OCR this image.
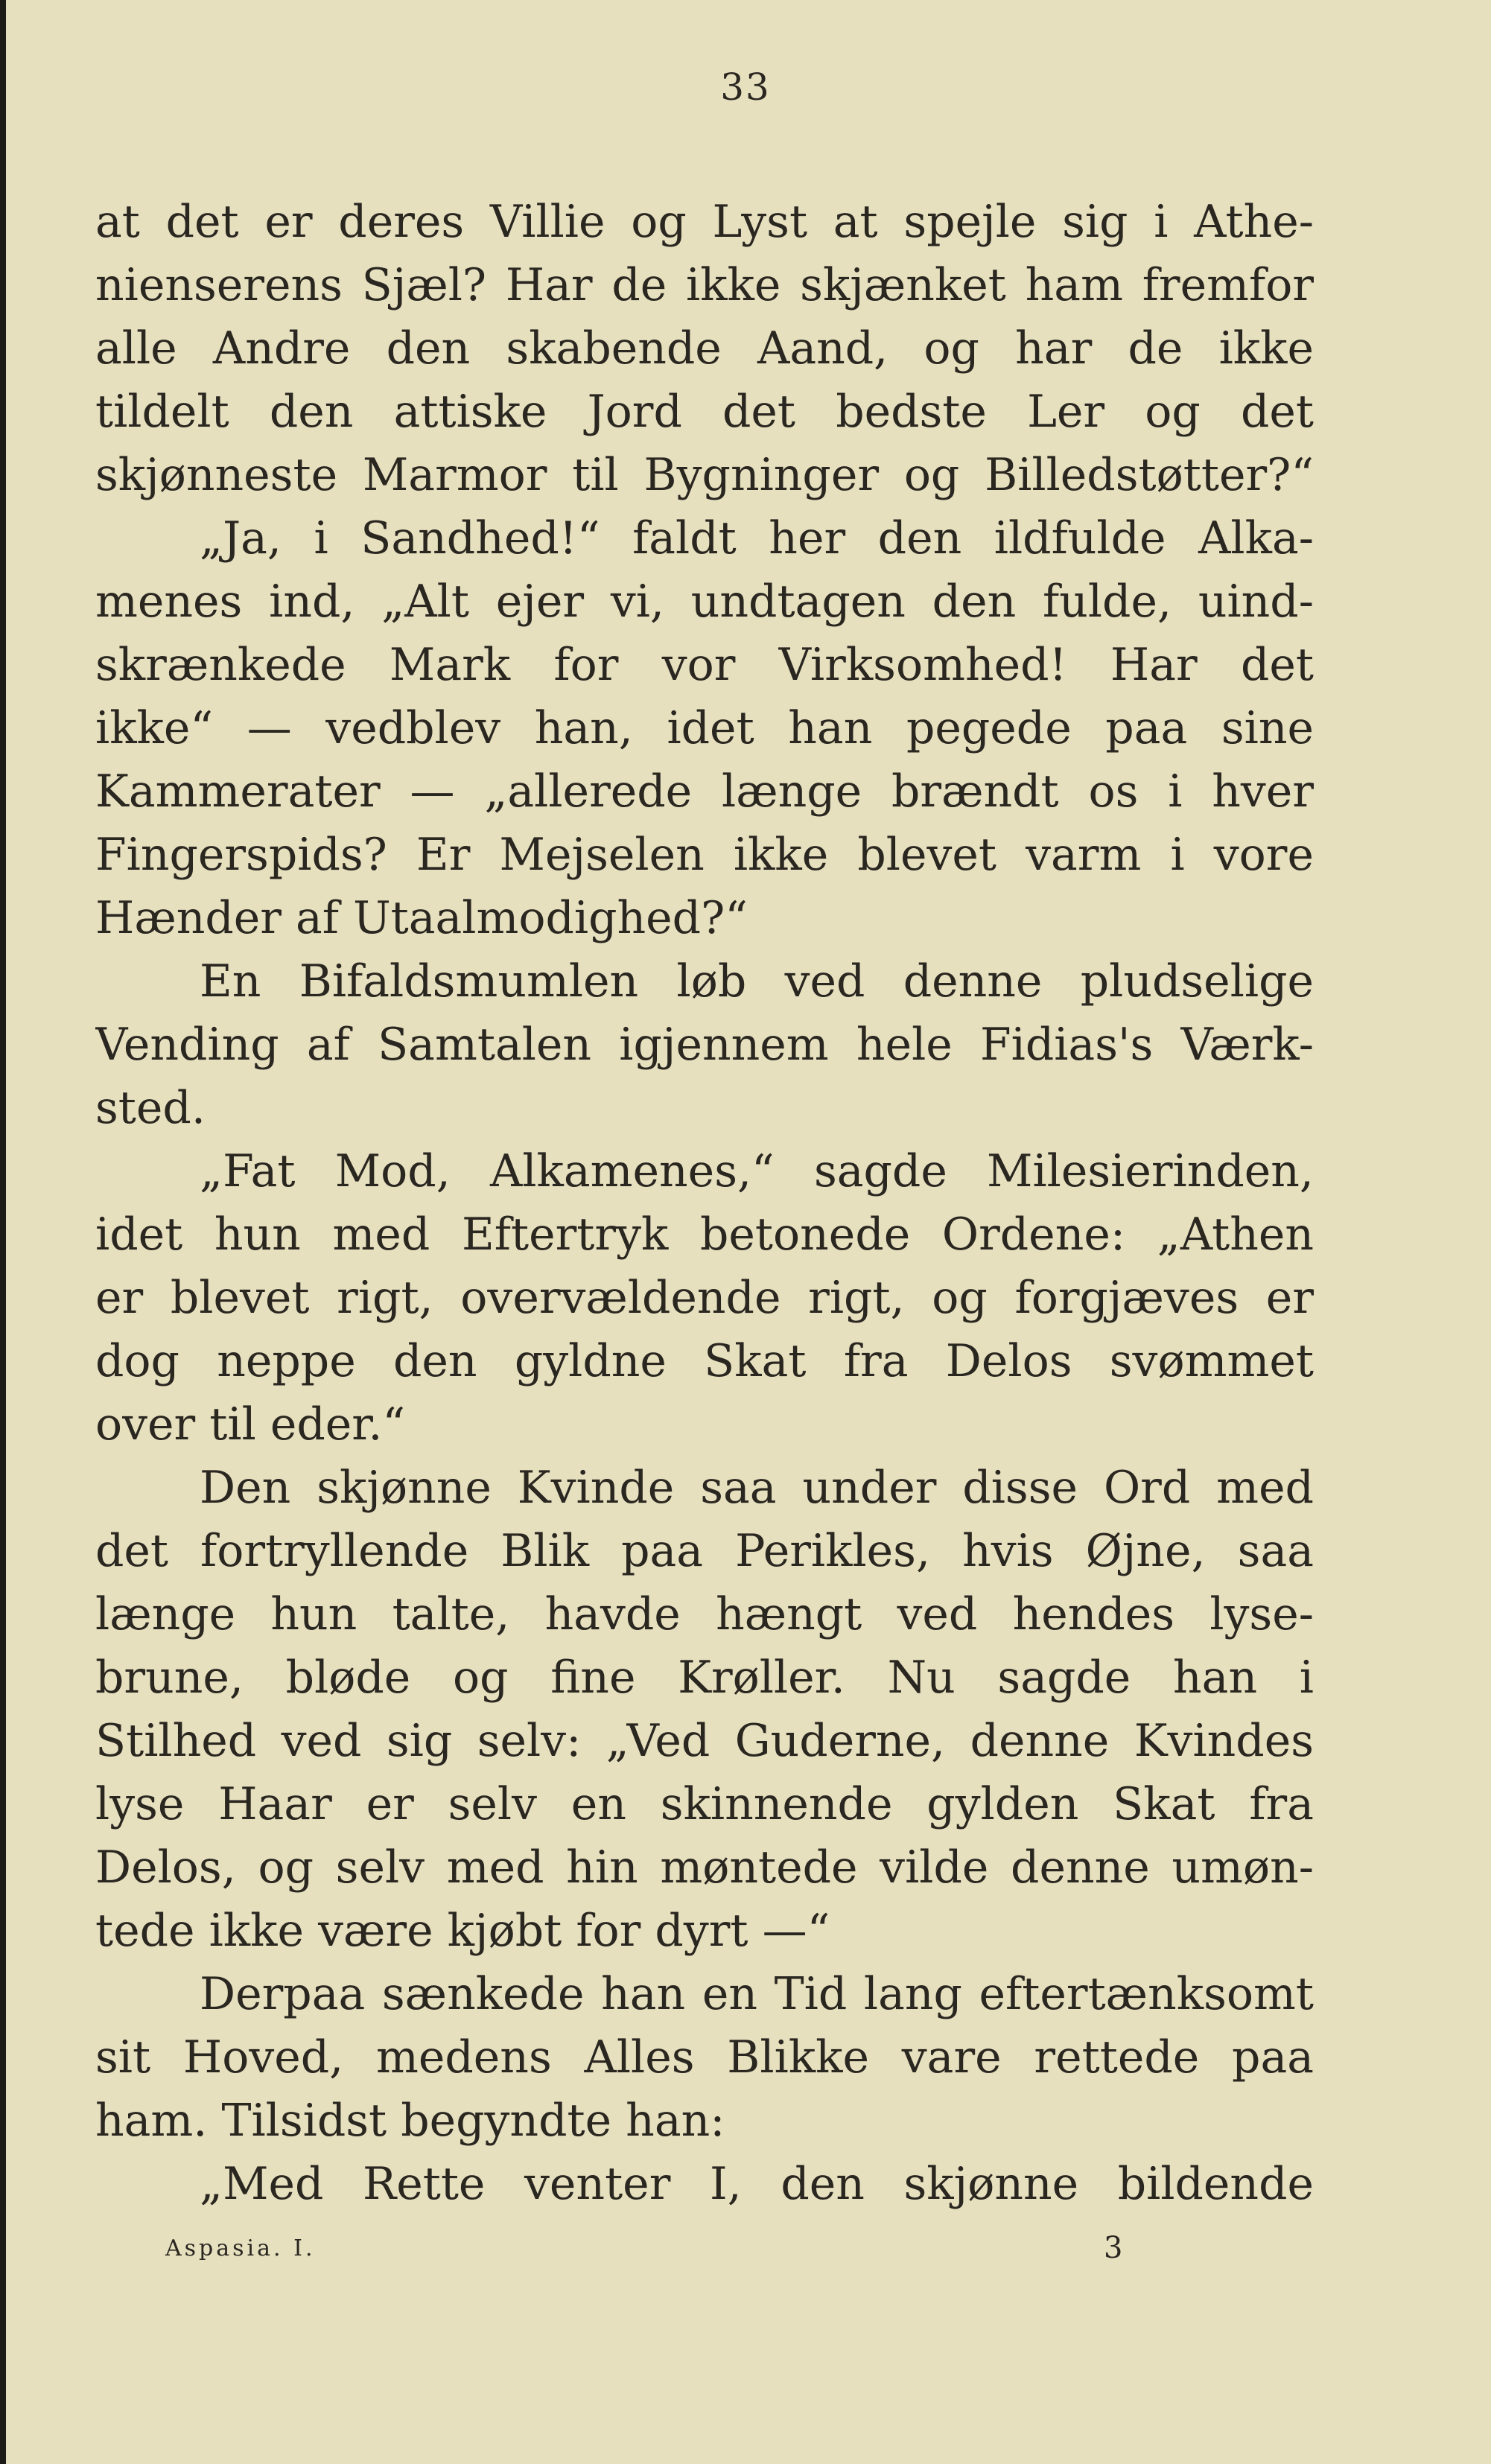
33
at det er deres Villie og Lyst at spejle sig i Athe-
nienserens Sjæl? Har de ikke skjænket ham fremfor
alle Andre den skabende Aand, og har de ikke
tildelt den attiske Jord det bedste Ler og det
skjønneste Marmor til Bygninger og Billedstøtter?“
„Ja, i Sandhed!“ faldt her den ildfulde Alka-
menes ind, „Alt ejer vi, undtagen den fulde, uind-
skrænkede Mark for vor Virksomhed! Har det
ikke“ — vedblev han, idet han pegede paa sine
Kammerater — „allerede længe brændt os i hver
Fingerspids? Er Mejselen ikke blevet varm i vore
Hænder af Utaalmodighed?“
En Bifaldsmumlen løb ved denne pludselige
Vending af Samtalen igjennem hele Fidias's Værk-
sted.
„Fat Mod, Alkamenes,“ sagde Milesierinden,
idet hun med Eftertryk betonede Ordene: „Athen
er blevet rigt, overvældende rigt, og forgjæves er
dog neppe den gyldne Skat fra Delos svømmet
over til eder.“
Den skjønne Kvinde saa under disse Ord med
det fortryllende Blik paa Perikles, hvis Øjne, saa
længe hun talte, havde hængt ved hendes lyse-
brune, bløde og fine Krøller. Nu sagde han i
Stilhed ved sig selv: „Ved Guderne, denne Kvindes
lyse Haar er selv en skinnende gylden Skat fra
Delos, og selv med hin møntede vilde denne umøn-
tede ikke være kjøbt for dyrt —“
Derpaa sænkede han en Tid lang eftertænksomt
sit Hoved, medens Alles Blikke vare rettede paa
ham. Tilsidst begyndte han:
„Med Rette venter I, den skjønne bildende
Aspasia. I.	3
